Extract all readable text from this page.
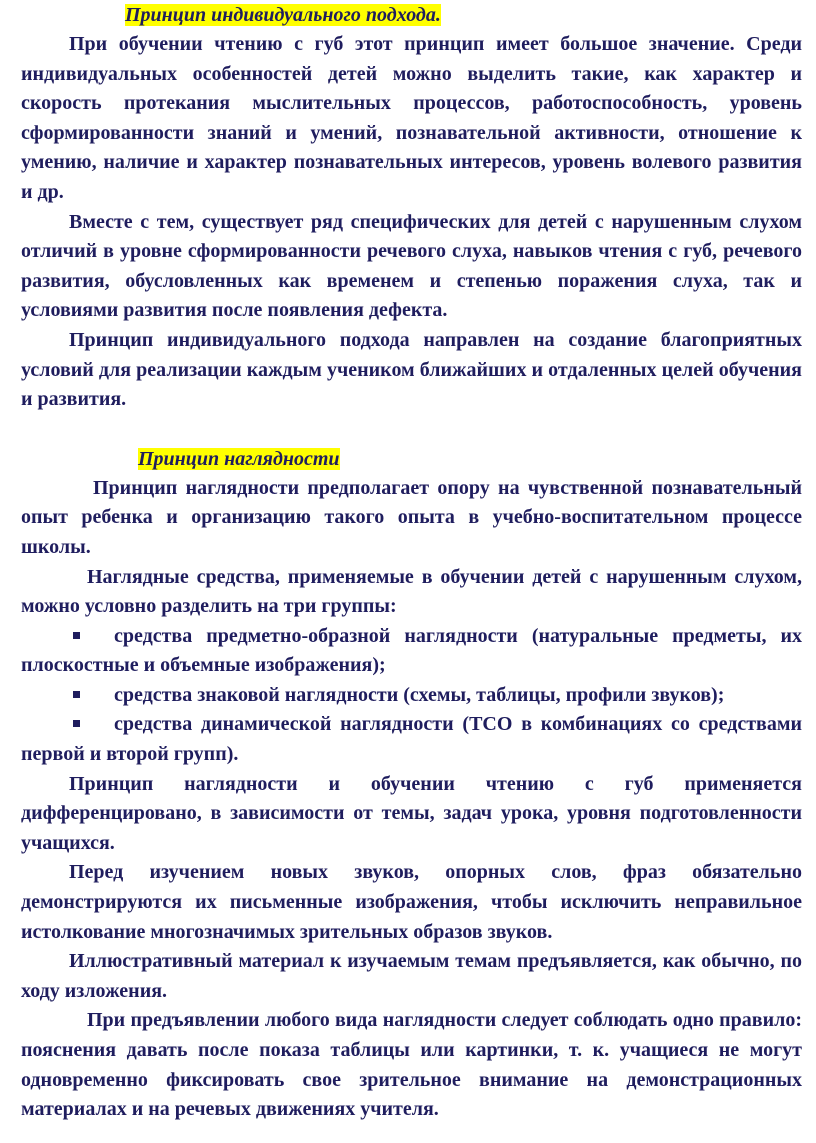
Принцип индивидуального подхода.

При обучении чтению с губ этот принцип имеет большое значение. Среди индивидуальных особенностей детей можно выделить такие, как характер и скорость протекания мыслительных процессов, работоспособность, уровень сформированности знаний и умений, познавательной активности, отношение к умению, наличие и характер познавательных интересов, уровень волевого развития и др.

Вместе с тем, существует ряд специфических для детей с нарушенным слухом отличий в уровне сформированности речевого слуха, навыков чтения с губ, речевого развития, обусловленных как временем и степенью поражения слуха, так и условиями развития после появления дефекта.

Принцип индивидуального подхода направлен на создание благоприятных условий для реализации каждым учеником ближайших и отдаленных целей обучения и развития.

Принцип наглядности

Принцип наглядности предполагает опору на чувственной познавательный опыт ребенка и организацию такого опыта в учебно-воспитательном процессе школы.

Наглядные средства, применяемые в обучении детей с нарушенным слухом, можно условно разделить на три группы:

средства предметно-образной наглядности (натуральные предметы, их плоскостные и объемные изображения);

средства знаковой наглядности (схемы, таблицы, профили звуков);

средства динамической наглядности (ТСО в комбинациях со средствами первой и второй групп).

Принцип наглядности и обучении чтению с губ применяется дифференцировано, в зависимости от темы, задач урока, уровня подготовленности учащихся.

Перед изучением новых звуков, опорных слов, фраз обязательно демонстрируются их письменные изображения, чтобы исключить неправильное истолкование многозначимых зрительных образов звуков.

Иллюстративный материал к изучаемым темам предъявляется, как обычно, по ходу изложения.

При предъявлении любого вида наглядности следует соблюдать одно правило: пояснения давать после показа таблицы или картинки, т. к. учащиеся не могут одновременно фиксировать свое зрительное внимание на демонстрационных материалах и на речевых движениях учителя.
